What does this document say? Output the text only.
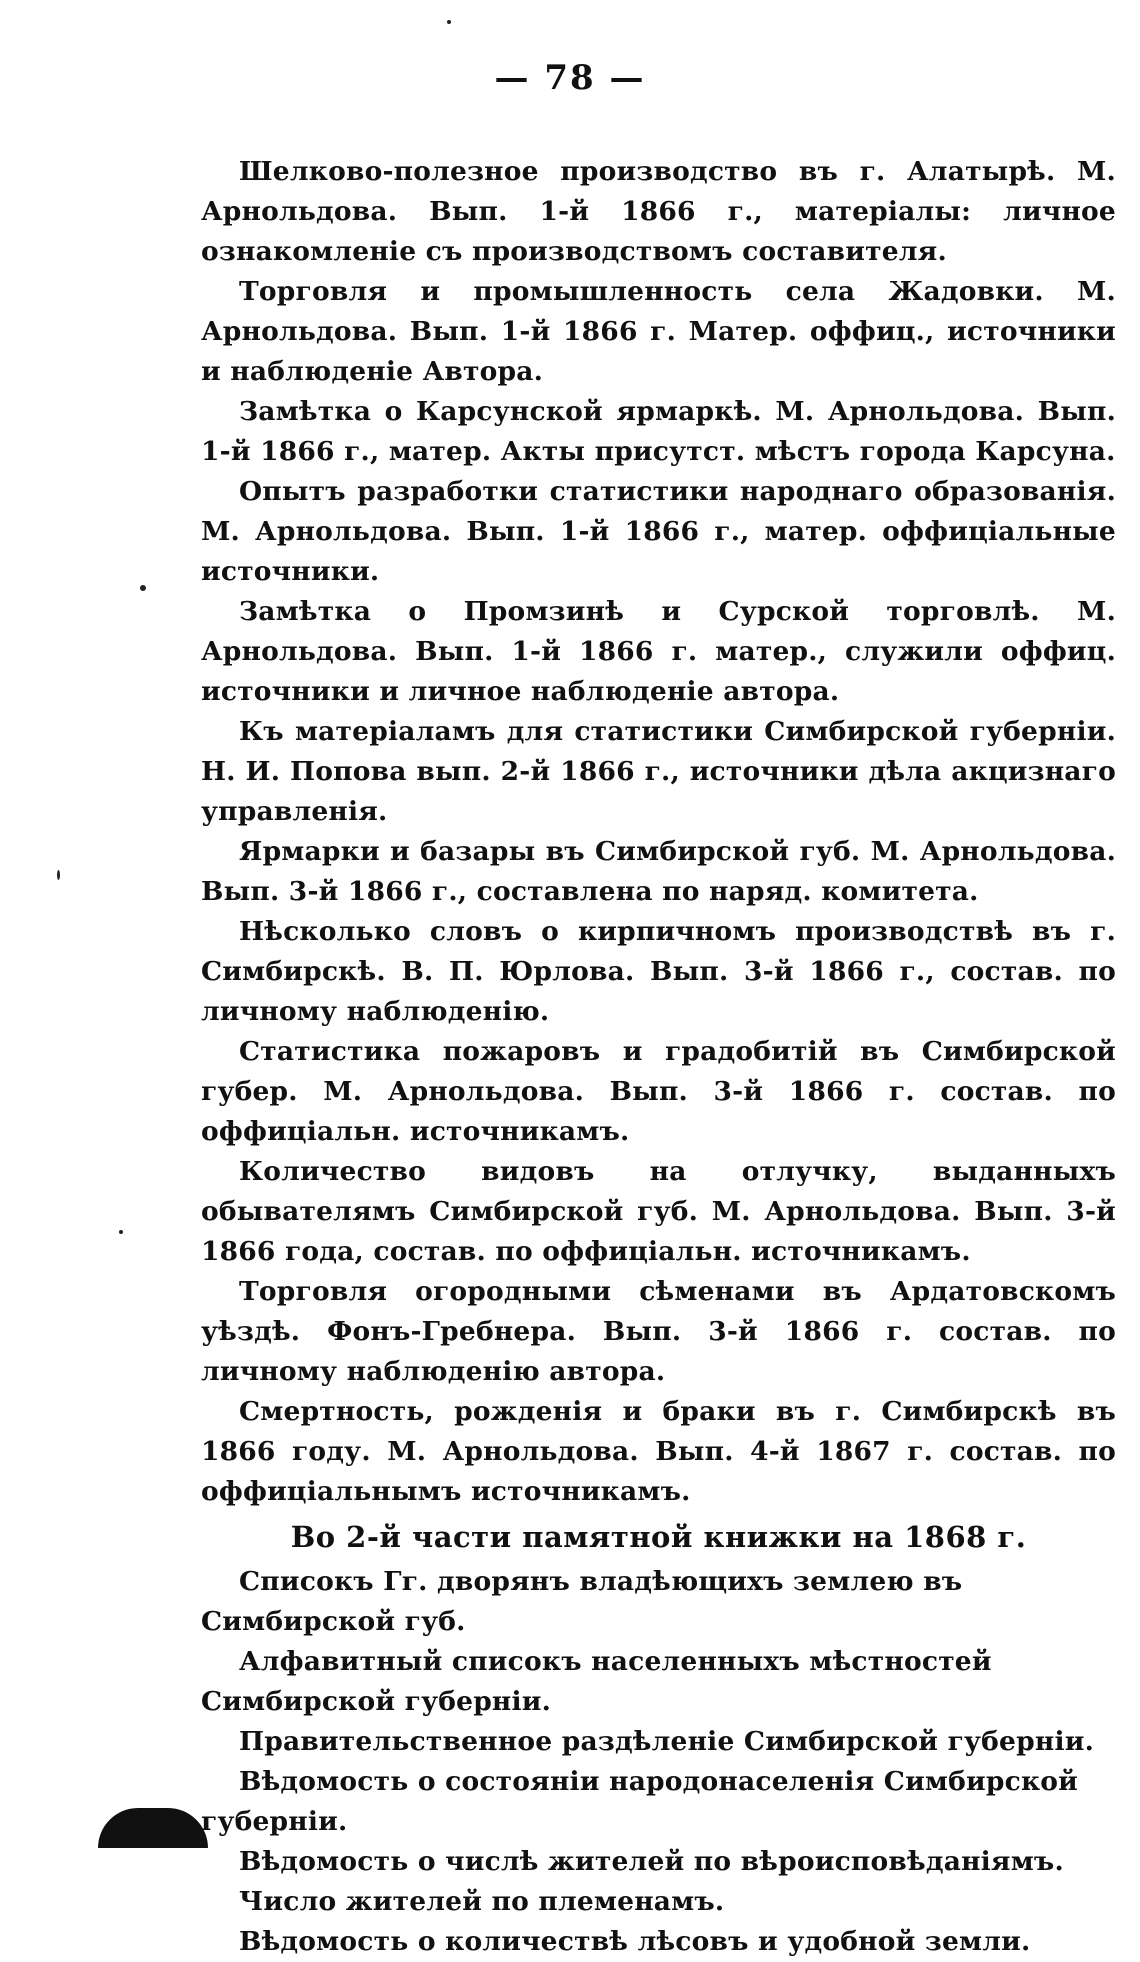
— 78 —

Шелково-полезное производство въ г. Алатырѣ. М. Арнольдова. Вып. 1-й 1866 г., матеріалы: личное ознакомленіе съ производствомъ составителя.

Торговля и промышленность села Жадовки. М. Арнольдова. Вып. 1-й 1866 г. Матер. оффиц., источники и наблюденіе Автора.

Замѣтка о Карсунской ярмаркѣ. М. Арнольдова. Вып. 1-й 1866 г., матер. Акты присутст. мѣстъ города Карсуна.

Опытъ разработки статистики народнаго образованія. М. Арнольдова. Вып. 1-й 1866 г., матер. оффиціальные источники.

Замѣтка о Промзинѣ и Сурской торговлѣ. М. Арнольдова. Вып. 1-й 1866 г. матер., служили оффиц. источники и личное наблюденіе автора.

Къ матеріаламъ для статистики Симбирской губерніи. Н. И. Попова вып. 2-й 1866 г., источники дѣла акцизнаго управленія.

Ярмарки и базары въ Симбирской губ. М. Арнольдова. Вып. 3-й 1866 г., составлена по наряд. комитета.

Нѣсколько словъ о кирпичномъ производствѣ въ г. Симбирскѣ. В. П. Юрлова. Вып. 3-й 1866 г., состав. по личному наблюденію.

Статистика пожаровъ и градобитій въ Симбирской губер. М. Арнольдова. Вып. 3-й 1866 г. состав. по оффиціальн. источникамъ.

Количество видовъ на отлучку, выданныхъ обывателямъ Симбирской губ. М. Арнольдова. Вып. 3-й 1866 года, состав. по оффиціальн. источникамъ.

Торговля огородными сѣменами въ Ардатовскомъ уѣздѣ. Фонъ-Гребнера. Вып. 3-й 1866 г. состав. по личному наблюденію автора.

Смертность, рожденія и браки въ г. Симбирскѣ въ 1866 году. М. Арнольдова. Вып. 4-й 1867 г. состав. по оффиціальнымъ источникамъ.

Во 2-й части памятной книжки на 1868 г.

Списокъ Гг. дворянъ владѣющихъ землею въ Симбирской губ.

Алфавитный списокъ населенныхъ мѣстностей Симбирской губерніи.

Правительственное раздѣленіе Симбирской губерніи.

Вѣдомость о состояніи народонаселенія Симбирской губерніи.

Вѣдомость о числѣ жителей по вѣроисповѣданіямъ.

Число жителей по племенамъ.

Вѣдомость о количествѣ лѣсовъ и удобной земли.
